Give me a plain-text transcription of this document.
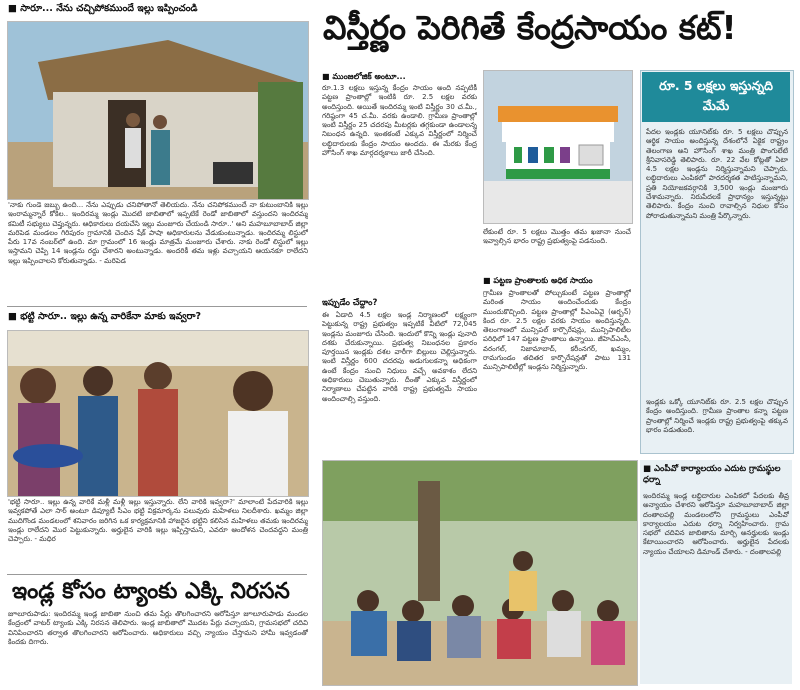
■ సారూ... నేను చచ్చిపోకముందే ఇల్లు ఇప్పించండి
'నాకు గుండె జబ్బు ఉంది... నేను ఎప్పుడు చనిపోతానో తెలియదు. నేను చనిపోకముందే నా కుటుంబానికి ఇల్లు ఇంరామ్మన్నారే కోకిల.. ఇందిరమ్మ ఇండ్లు మొదటి జాబితాలో ఇప్పటికే రెండో జాబితాలో వస్తుందని ఇందిరమ్మ కమిటీ సభ్యులు చెప్తున్నరు. ఆధికారులు దయచేసి ఇల్లు మంజూరు చేయండి సారూ..' అని మహబూబాబాద్ జిల్లా మరిపెడ మండలం గిరిపురం గ్రామానికి చెందిన షేక్ పాషా అధికారులను వేడుకుంటున్నాడు. ఇందిరమ్మ లిస్టులో పేరు 17వ నంబర్‌లో ఉంది. మా గ్రామంలో 16 ఇండ్లు మాత్రమే మంజూరు చేశారు. నాకు రెండో లిస్టులో ఇల్లు ఇస్తామని చెప్పి 14 ఇండ్లను రద్దు చేశారని అంటున్నాడు. అందరికీ తమ ఇళ్లు వచ్చాయని ఆయనకూ రాలేదని ఇల్లు ఇప్పించాలని కోరుతున్నాడు. - మరిపెడ
■ భట్టి సారూ.. ఇల్లు ఉన్న వారికేనా మాకు ఇవ్వరా?
'భట్టి సారూ.. ఇల్లు ఉన్న వారికే మళ్లీ మళ్లీ ఇల్లు ఇస్తున్నారు. లేని వారికి ఇవ్వరా?' మాలాంటి పేదవారికి ఇల్లు ఇవ్వకపోతే ఎలా సార్ అంటూ డిప్యూటీ సీఎం భట్టి విక్రమార్కను పలువురు మహిళలు నిలదీశారు. ఖమ్మం జిల్లా ముదిగొండ మండలంలో శనివారం జరిగిన ఒక కార్యక్రమానికి హాజరైన భట్టిని కలిసిన మహిళలు తమకు ఇందిరమ్మ ఇండ్లు రాలేదని మొర పెట్టుకున్నారు. అర్హులైన వారికి ఇల్లు ఇప్పిస్తామని, ఎవరూ ఆందోళన చెందవద్దని మంత్రి చెప్పారు. - మధిర
ఇండ్ల కోసం ట్యాంకు ఎక్కి నిరసన
జూలూరుపాడు: ఇందిరమ్మ ఇండ్ల జాబితా నుంచి తమ పేర్లు తొలగించారని ఆరోపిస్తూ జూలూరుపాడు మండల కేంద్రంలో వాటర్ ట్యాంకు ఎక్కి నిరసన తెలిపారు. ఇండ్ల జాబితాలో మొదట పేర్లు వచ్చాయని, గ్రామసభలో చదివి వినిపించారని తర్వాత తొలగించారని ఆరోపించారు. అధికారులు వచ్చి న్యాయం చేస్తామని హామీ ఇవ్వడంతో కిందకు దిగారు.
విస్తీర్ణం పెరిగితే కేంద్రసాయం కట్!
■ ముంజలోజిక్ అంటూ...
రూ.1.3 లక్షలు ఇస్తున్న కేంద్రం సాయం అంది నప్పటికీ పట్టణ ప్రాంతాల్లో ఇంటికి రూ. 2.5 లక్షల వరకు అందిస్తుంది. అయితే ఇందిరమ్మ ఇంటి విస్తీర్ణం 30 చ.మీ., గరిష్ఠంగా 45 చ.మీ. వరకు ఉండాలి. గ్రామీణ ప్రాంతాల్లో ఇంటి విస్తీర్ణం 25 చదరపు మీటర్లకు తగ్గకుండా ఉండాలన్న నిబంధన ఉన్నది. ఇంతకంటే ఎక్కువ విస్తీర్ణంలో నిర్మించే లబ్ధిదారులకు కేంద్రం సాయం అందదు. ఈ మేరకు కేంద్ర హౌసింగ్ శాఖ మార్గదర్శకాలు జారీ చేసింది.
ఇప్పుడేం చేద్దాం?
ఈ ఏడాది 4.5 లక్షల ఇండ్ల నిర్మాణంలో లక్ష్యంగా పెట్టుకున్న రాష్ట్ర ప్రభుత్వం ఇప్పటికే వీటిలో 72,045 ఇండ్లను మంజూరు చేసింది. ఇందులో కొన్ని ఇండ్లు పునాది దశకు చేరుకున్నాయి. ప్రభుత్వ నిబంధనల ప్రకారం పూర్తయిన ఇండ్లకు దశల వారీగా బిల్లులు చెల్లిస్తున్నారు. ఇంటి విస్తీర్ణం 600 చదరపు అడుగులకన్నా అధికంగా ఉంటే కేంద్రం నుంచి నిధులు వచ్చే అవకాశం లేదని అధికారులు చెబుతున్నారు. దీంతో ఎక్కువ విస్తీర్ణంలో నిర్మాణాలు చేపట్టిన వారికి రాష్ట్ర ప్రభుత్వమే సాయం అందించాల్సి వస్తుంది.
లేకుంటే రూ. 5 లక్షలు మొత్తం తమ ఖజానా నుంచే ఇవ్వాల్సిన భారం రాష్ట్ర ప్రభుత్వంపై పడనుంది.
■ పట్టణ ప్రాంతాలకు అధిక సాయం
గ్రామీణ ప్రాంతాలతో పోల్చుకుంటే పట్టణ ప్రాంతాల్లో మరింత సాయం అందించేందుకు కేంద్రం ముందుకొచ్చింది. పట్టణ ప్రాంతాల్లో పీఎంఏవై (అర్బన్) కింద రూ. 2.5 లక్షల వరకు సాయం అందిస్తున్నది. తెలంగాణలో మున్సిపల్ కార్పొరేషన్లు, మున్సిపాలిటీల పరిధిలో 147 పట్టణ ప్రాంతాలు ఉన్నాయి. జీహెచ్ఎంసీ, వరంగల్, నిజామాబాద్, కరీంనగర్, ఖమ్మం, రామగుండం తదితర కార్పొరేషన్లతో పాటు 131 మున్సిపాలిటీల్లో ఇండ్లను నిర్మిస్తున్నారు.
రూ. 5 లక్షలు ఇస్తున్నది మేమే
పేదల ఇండ్లకు యూనిట్‌కు రూ. 5 లక్షలు చొప్పున ఆర్థిక సాయం అందిస్తున్న దేశంలోనే ఏకైక రాష్ట్రం తెలంగాణ అని హౌసింగ్ శాఖ మంత్రి పొంగులేటి శ్రీనివాసరెడ్డి తెలిపారు. రూ. 22 వేల కోట్లతో ఏటా 4.5 లక్షల ఇండ్లను నిర్మిస్తున్నామని చెప్పారు. లబ్ధిదారులు ఎంపికలో పారదర్శకత పాటిస్తున్నామని, ప్రతి నియోజకవర్గానికి 3,500 ఇండ్లు మంజూరు చేశామన్నారు. నిరుపేదలకే ప్రాధాన్యం ఇస్తున్నట్లు తెలిపారు. కేంద్రం నుంచి రావాల్సిన నిధుల కోసం పోరాడుతున్నామని మంత్రి పేర్కొన్నారు.
ఇండ్లకు ఒక్కో యూనిట్‌కు రూ. 2.5 లక్షల చొప్పున కేంద్రం అందిస్తుంది. గ్రామీణ ప్రాంతాల కన్నా పట్టణ ప్రాంతాల్లో నిర్మించే ఇండ్లకు రాష్ట్ర ప్రభుత్వంపై తక్కువ భారం పడుతుంది.
■ ఎంపీవో కార్యాలయం ఎదుట గ్రామస్థుల ధర్నా
ఇందిరమ్మ ఇండ్ల లబ్ధిదారుల ఎంపికలో పేదలకు తీవ్ర అన్యాయం చేశారని ఆరోపిస్తూ మహబూబాబాద్ జిల్లా దంతాలపల్లి మండలంలోని గ్రామస్థులు ఎంపీవో కార్యాలయం ఎదుట ధర్నా నిర్వహించారు. గ్రామ సభలో చదివిన జాబితాను మార్చి అనర్హులకు ఇండ్లు కేటాయించారని ఆరోపించారు. అర్హులైన పేదలకు న్యాయం చేయాలని డిమాండ్ చేశారు. - దంతాలపల్లి
